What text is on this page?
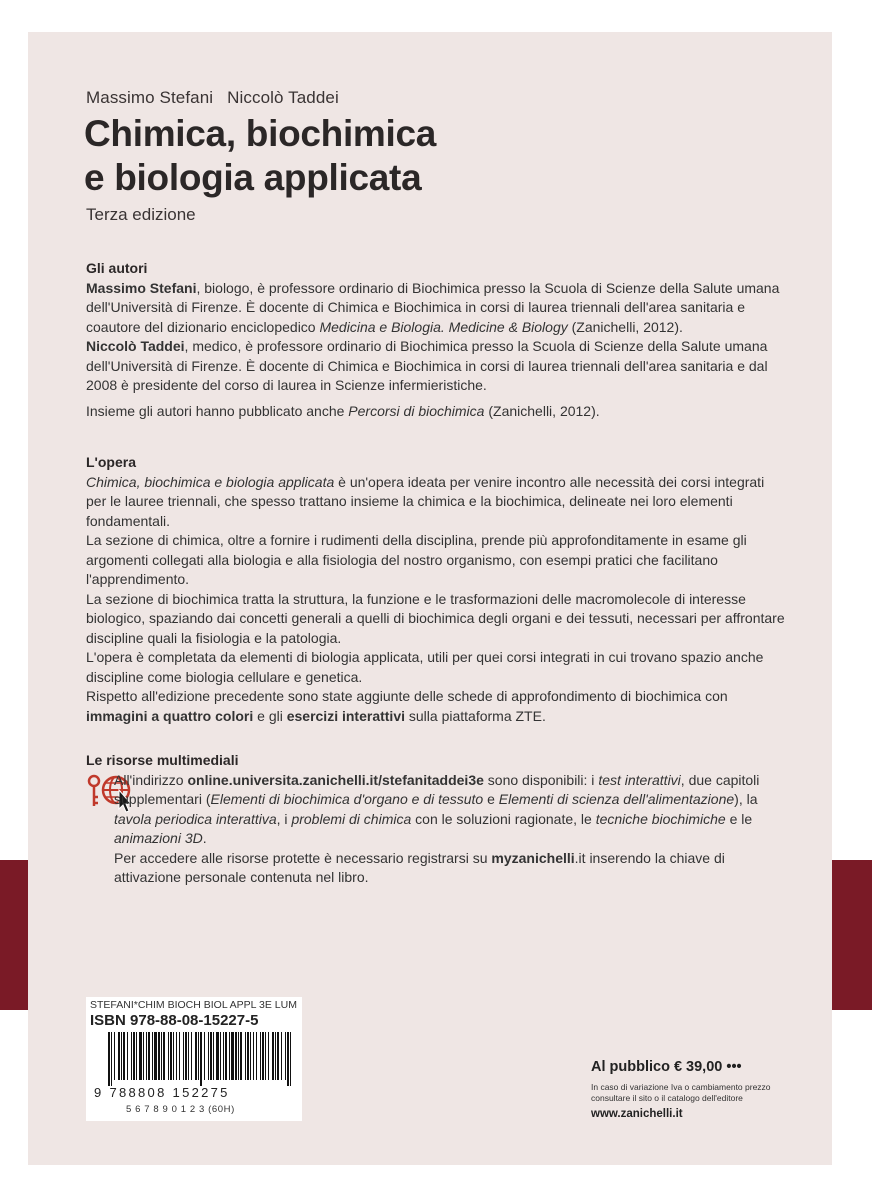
Massimo Stefani Niccolò Taddei
Chimica, biochimica
e biologia applicata
Terza edizione
Gli autori

Massimo Stefani, biologo, è professore ordinario di Biochimica presso la Scuola di Scienze della Salute umana dell'Università di Firenze. È docente di Chimica e Biochimica in corsi di laurea triennali dell'area sanitaria e coautore del dizionario enciclopedico Medicina e Biologia. Medicine & Biology (Zanichelli, 2012).

Niccolò Taddei, medico, è professore ordinario di Biochimica presso la Scuola di Scienze della Salute umana dell'Università di Firenze. È docente di Chimica e Biochimica in corsi di laurea triennali dell'area sanitaria e dal 2008 è presidente del corso di laurea in Scienze infermieristiche.

Insieme gli autori hanno pubblicato anche Percorsi di biochimica (Zanichelli, 2012).

L'opera

Chimica, biochimica e biologia applicata è un'opera ideata per venire incontro alle necessità dei corsi integrati per le lauree triennali, che spesso trattano insieme la chimica e la biochimica, delineate nei loro elementi fondamentali.

La sezione di chimica, oltre a fornire i rudimenti della disciplina, prende più approfonditamente in esame gli argomenti collegati alla biologia e alla fisiologia del nostro organismo, con esempi pratici che facilitano l'apprendimento.

La sezione di biochimica tratta la struttura, la funzione e le trasformazioni delle macromolecole di interesse biologico, spaziando dai concetti generali a quelli di biochimica degli organi e dei tessuti, necessari per affrontare discipline quali la fisiologia e la patologia.

L'opera è completata da elementi di biologia applicata, utili per quei corsi integrati in cui trovano spazio anche discipline come biologia cellulare e genetica.

Rispetto all'edizione precedente sono state aggiunte delle schede di approfondimento di biochimica con immagini a quattro colori e gli esercizi interattivi sulla piattaforma ZTE.

Le risorse multimediali

All'indirizzo online.universita.zanichelli.it/stefanitaddei3e sono disponibili: i test interattivi, due capitoli supplementari (Elementi di biochimica d'organo e di tessuto e Elementi di scienza dell'alimentazione), la tavola periodica interattiva, i problemi di chimica con le soluzioni ragionate, le tecniche biochimiche e le animazioni 3D.

Per accedere alle risorse protette è necessario registrarsi su myzanichelli.it inserendo la chiave di attivazione personale contenuta nel libro.

STEFANI*CHIM BIOCH BIOL APPL 3E LUM
ISBN 978-88-08-15227-5
9 788808 152275
5 6 7 8 9 0 1 2 3 (60H)
Al pubblico € 39,00 •••
In caso di variazione Iva o cambiamento prezzo consultare il sito o il catalogo dell'editore
www.zanichelli.it
